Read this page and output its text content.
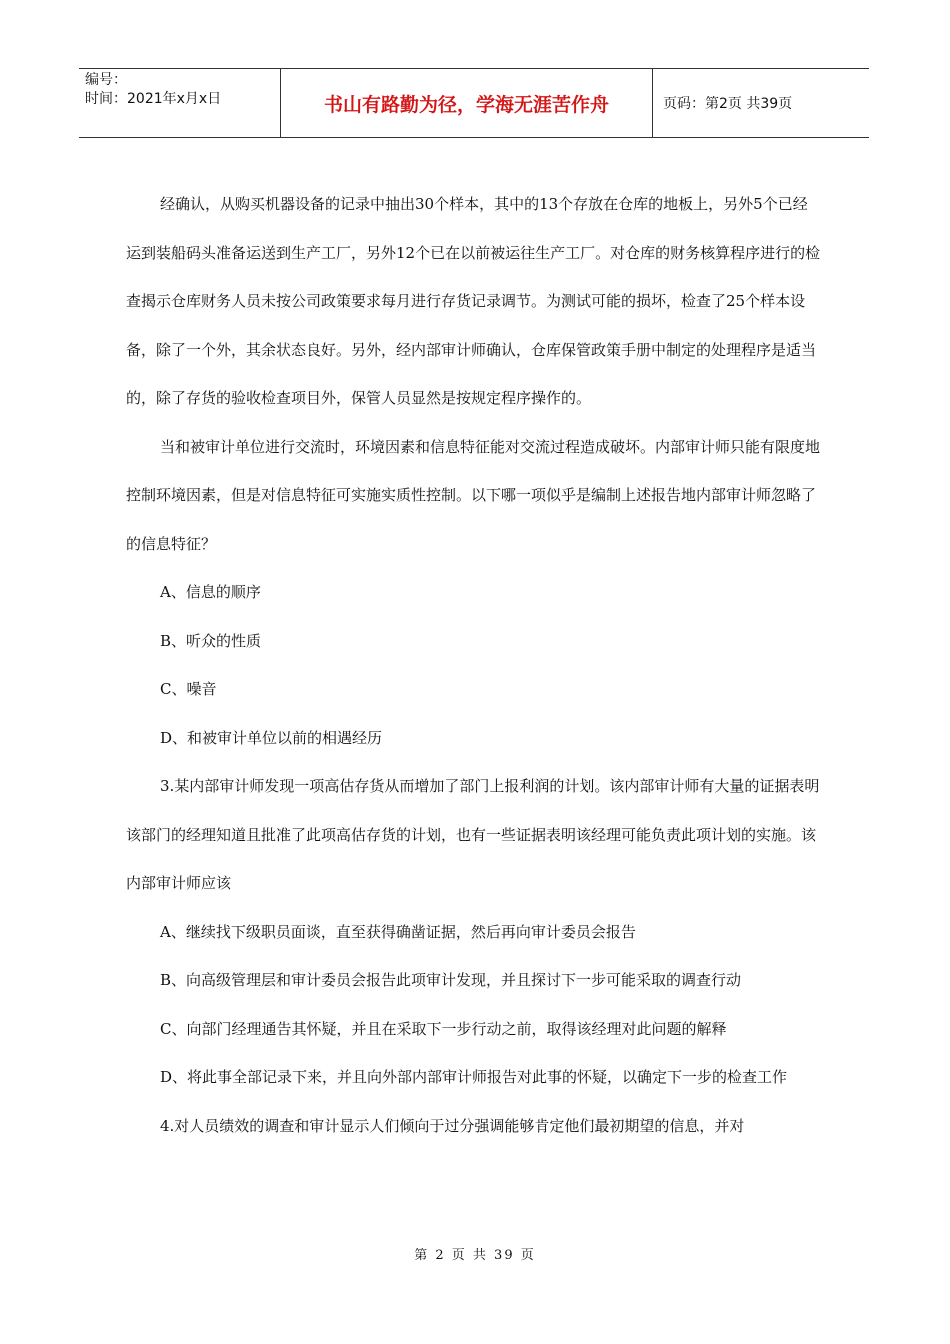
编号：
时间：2021年x月x日	书山有路勤为径，学海无涯苦作舟	页码：第2页 共39页

经确认，从购买机器设备的记录中抽出30个样本，其中的13个存放在仓库的地板上，另外5个已经运到装船码头准备运送到生产工厂，另外12个已在以前被运往生产工厂。对仓库的财务核算程序进行的检查揭示仓库财务人员未按公司政策要求每月进行存货记录调节。为测试可能的损坏，检查了25个样本设备，除了一个外，其余状态良好。另外，经内部审计师确认，仓库保管政策手册中制定的处理程序是适当的，除了存货的验收检查项目外，保管人员显然是按规定程序操作的。

当和被审计单位进行交流时，环境因素和信息特征能对交流过程造成破坏。内部审计师只能有限度地控制环境因素，但是对信息特征可实施实质性控制。以下哪一项似乎是编制上述报告地内部审计师忽略了的信息特征？

A、信息的顺序

B、听众的性质

C、噪音

D、和被审计单位以前的相遇经历

3.某内部审计师发现一项高估存货从而增加了部门上报利润的计划。该内部审计师有大量的证据表明该部门的经理知道且批准了此项高估存货的计划，也有一些证据表明该经理可能负责此项计划的实施。该内部审计师应该

A、继续找下级职员面谈，直至获得确凿证据，然后再向审计委员会报告

B、向高级管理层和审计委员会报告此项审计发现，并且探讨下一步可能采取的调查行动

C、向部门经理通告其怀疑，并且在采取下一步行动之前，取得该经理对此问题的解释

D、将此事全部记录下来，并且向外部内部审计师报告对此事的怀疑，以确定下一步的检查工作

4.对人员绩效的调查和审计显示人们倾向于过分强调能够肯定他们最初期望的信息，并对

第 2 页 共 39 页
